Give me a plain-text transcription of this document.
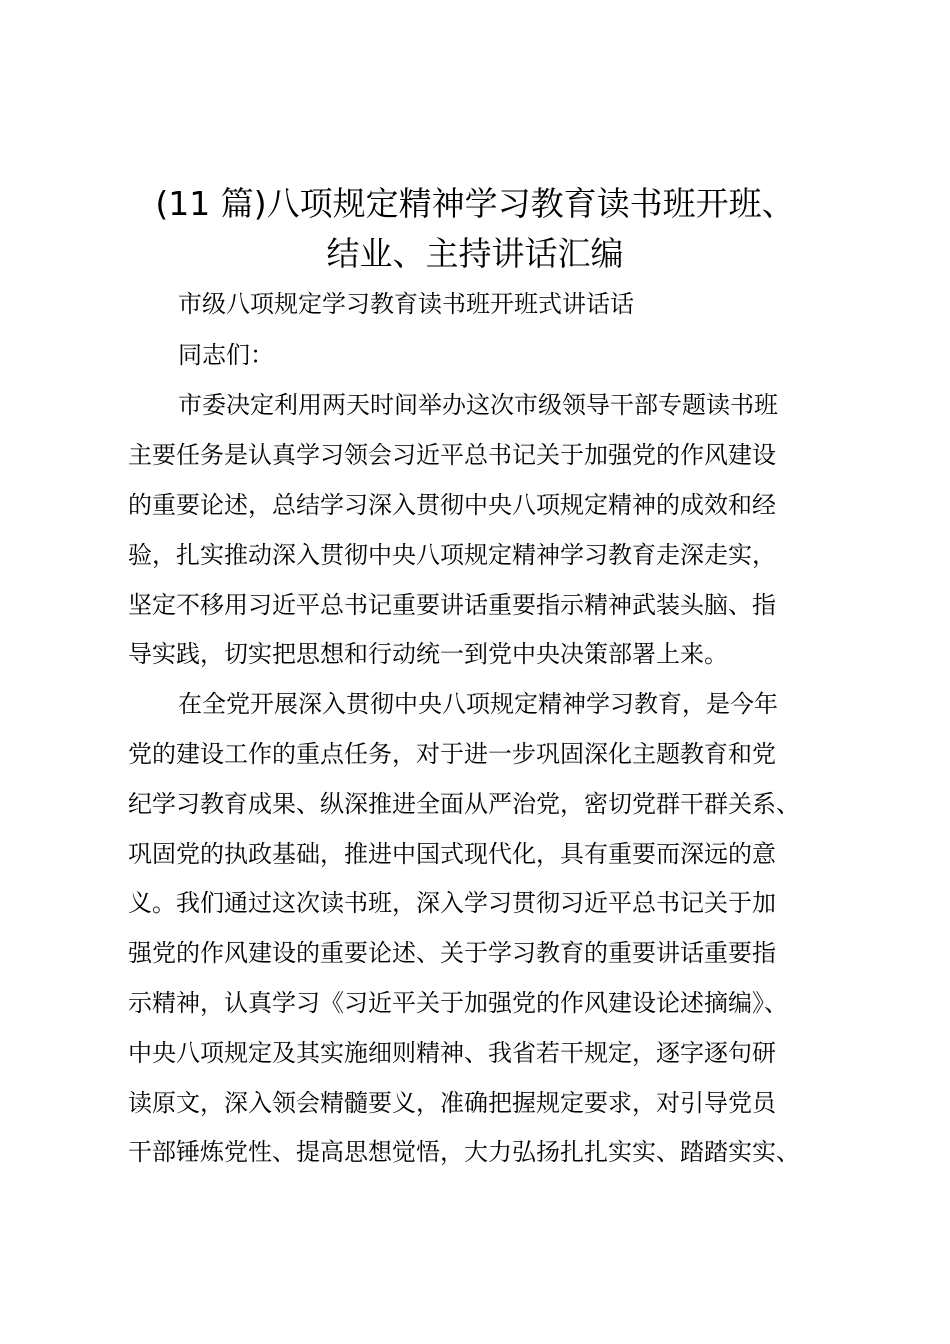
(11 篇)八项规定精神学习教育读书班开班、
结业、主持讲话汇编
市级八项规定学习教育读书班开班式讲话话
同志们：
市委决定利用两天时间举办这次市级领导干部专题读书班
主要任务是认真学习领会习近平总书记关于加强党的作风建设
的重要论述，总结学习深入贯彻中央八项规定精神的成效和经
验，扎实推动深入贯彻中央八项规定精神学习教育走深走实，
坚定不移用习近平总书记重要讲话重要指示精神武装头脑、指
导实践，切实把思想和行动统一到党中央决策部署上来。
在全党开展深入贯彻中央八项规定精神学习教育，是今年
党的建设工作的重点任务，对于进一步巩固深化主题教育和党
纪学习教育成果、纵深推进全面从严治党，密切党群干群关系、
巩固党的执政基础，推进中国式现代化，具有重要而深远的意
义。我们通过这次读书班，深入学习贯彻习近平总书记关于加
强党的作风建设的重要论述、关于学习教育的重要讲话重要指
示精神，认真学习《习近平关于加强党的作风建设论述摘编》、
中央八项规定及其实施细则精神、我省若干规定，逐字逐句研
读原文，深入领会精髓要义，准确把握规定要求，对引导党员
干部锤炼党性、提高思想觉悟，大力弘扬扎扎实实、踏踏实实、
